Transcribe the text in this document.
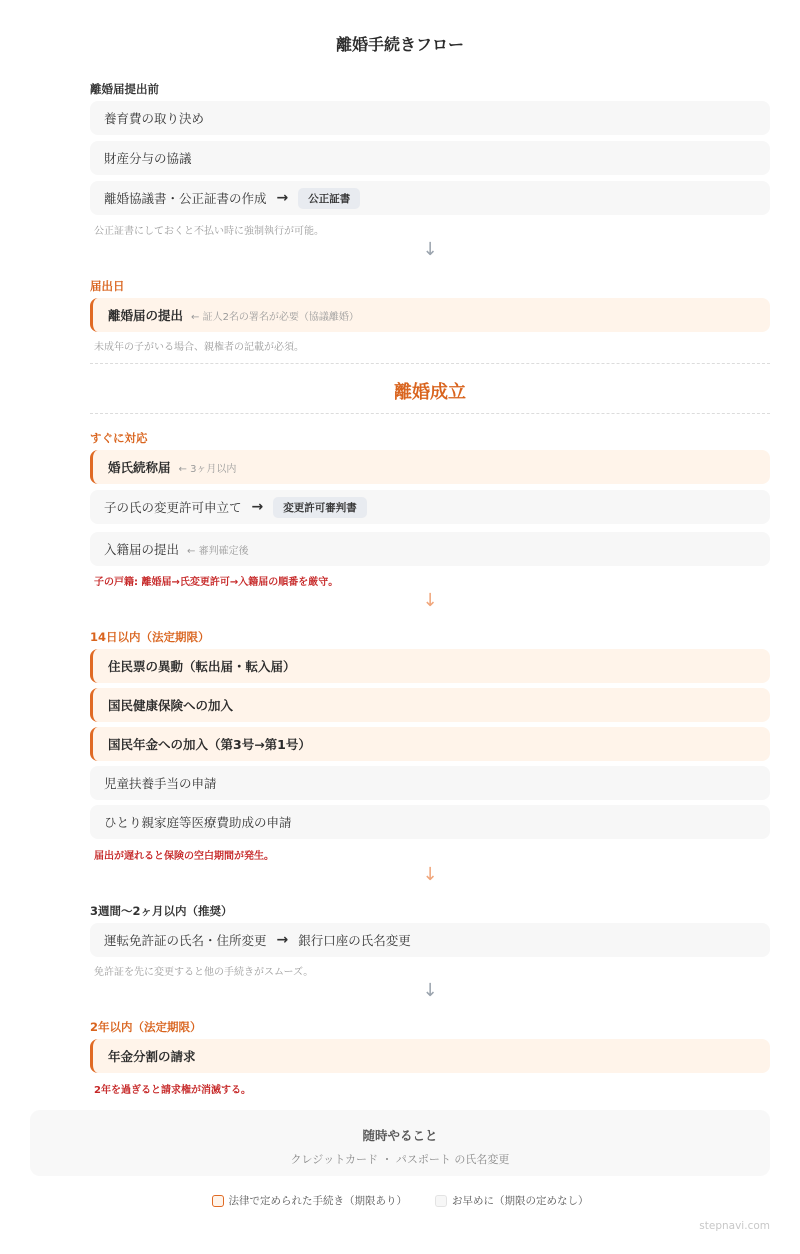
離婚手続きフロー
離婚届提出前
養育費の取り決め
財産分与の協議
離婚協議書・公正証書の作成 →	公正証書
公正証書にしておくと不払い時に強制執行が可能。
↓
届出日
離婚届の提出 ← 証人2名の署名が必要（協議離婚）
未成年の子がいる場合、親権者の記載が必須。
離婚成立
すぐに対応
婚氏続称届 ← 3ヶ月以内
子の氏の変更許可申立て →	変更許可審判書
入籍届の提出 ← 審判確定後
子の戸籍: 離婚届→氏変更許可→入籍届の順番を厳守。
↓
14日以内（法定期限）
住民票の異動（転出届・転入届）
国民健康保険への加入
国民年金への加入（第3号→第1号）
児童扶養手当の申請
ひとり親家庭等医療費助成の申請
届出が遅れると保険の空白期間が発生。
↓
3週間〜2ヶ月以内（推奨）
運転免許証の氏名・住所変更 → 銀行口座の氏名変更
免許証を先に変更すると他の手続きがスムーズ。
↓
2年以内（法定期限）
年金分割の請求
2年を過ぎると請求権が消滅する。
随時やること
クレジットカード ・ パスポート の氏名変更
法律で定められた手続き（期限あり）	お早めに（期限の定めなし）
stepnavi.com
